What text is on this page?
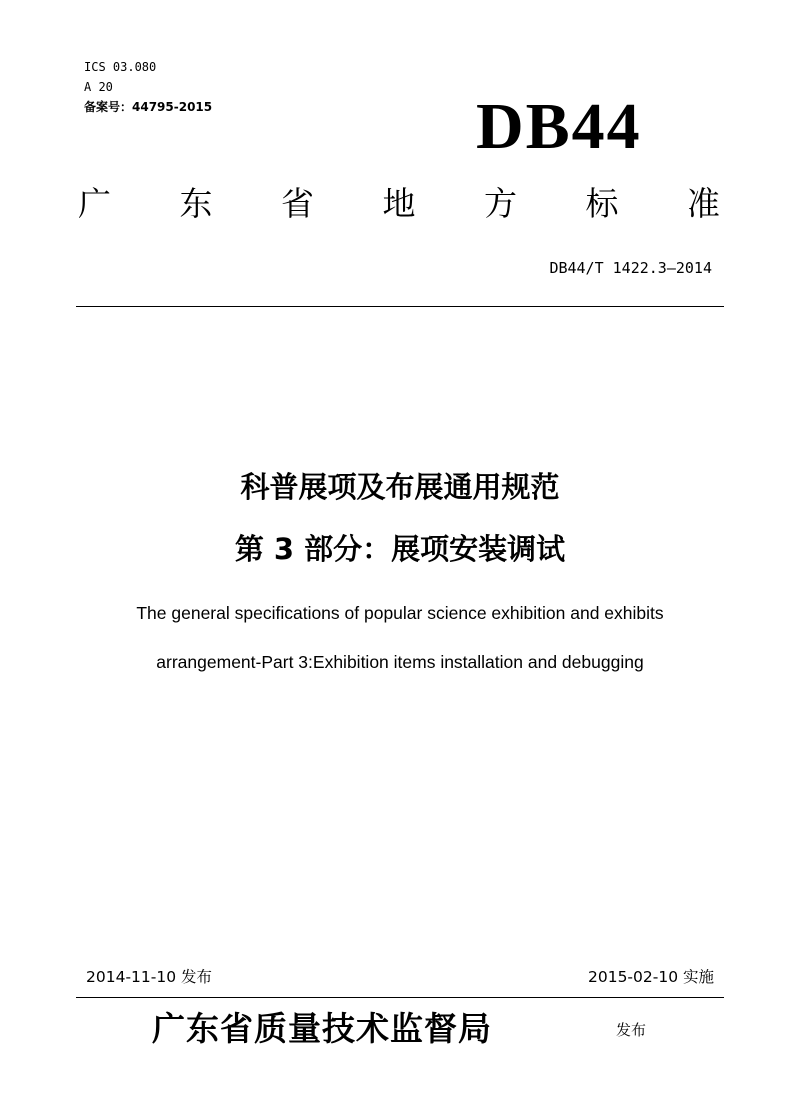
ICS 03.080
A 20
备案号：44795-2015	DB44
广 东 省 地 方 标 准
DB44/T 1422.3—2014
科普展项及布展通用规范
第 3 部分：展项安装调试
The general specifications of popular science exhibition and exhibits
arrangement-Part 3:Exhibition items installation and debugging
2014-11-10 发布	2015-02-10 实施
广东省质量技术监督局	发布
